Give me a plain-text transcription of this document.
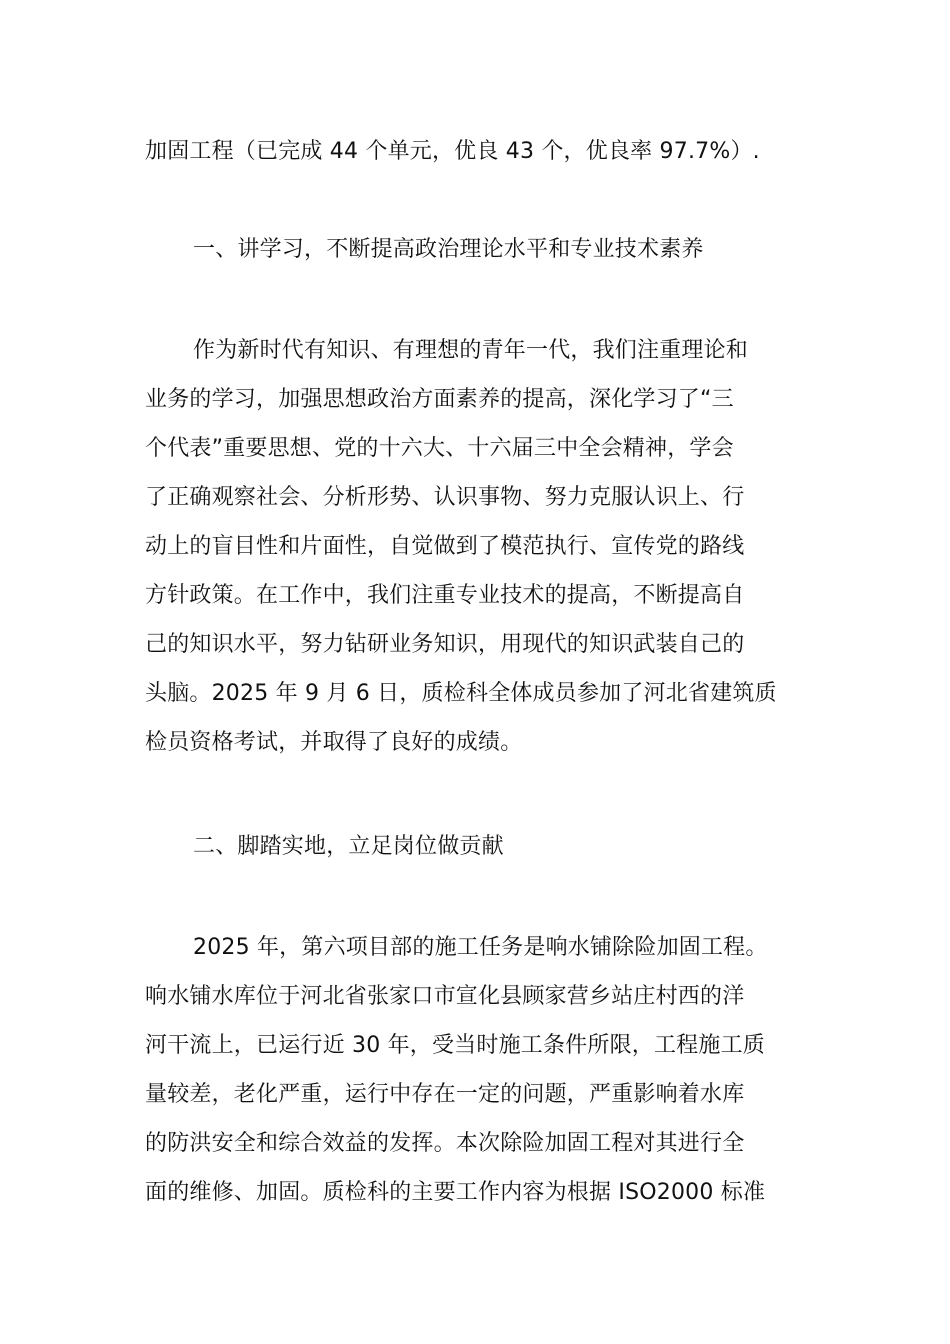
加固工程（已完成 44 个单元，优良 43 个，优良率 97.7%）.
一、讲学习，不断提高政治理论水平和专业技术素养
作为新时代有知识、有理想的青年一代，我们注重理论和
业务的学习，加强思想政治方面素养的提高，深化学习了“三
个代表”重要思想、党的十六大、十六届三中全会精神，学会
了正确观察社会、分析形势、认识事物、努力克服认识上、行
动上的盲目性和片面性，自觉做到了模范执行、宣传党的路线
方针政策。在工作中，我们注重专业技术的提高，不断提高自
己的知识水平，努力钻研业务知识，用现代的知识武装自己的
头脑。2025 年 9 月 6 日，质检科全体成员参加了河北省建筑质
检员资格考试，并取得了良好的成绩。
二、脚踏实地，立足岗位做贡献
2025 年，第六项目部的施工任务是响水铺除险加固工程。
响水铺水库位于河北省张家口市宣化县顾家营乡站庄村西的洋
河干流上，已运行近 30 年，受当时施工条件所限，工程施工质
量较差，老化严重，运行中存在一定的问题，严重影响着水库
的防洪安全和综合效益的发挥。本次除险加固工程对其进行全
面的维修、加固。质检科的主要工作内容为根据 ISO2000 标准
